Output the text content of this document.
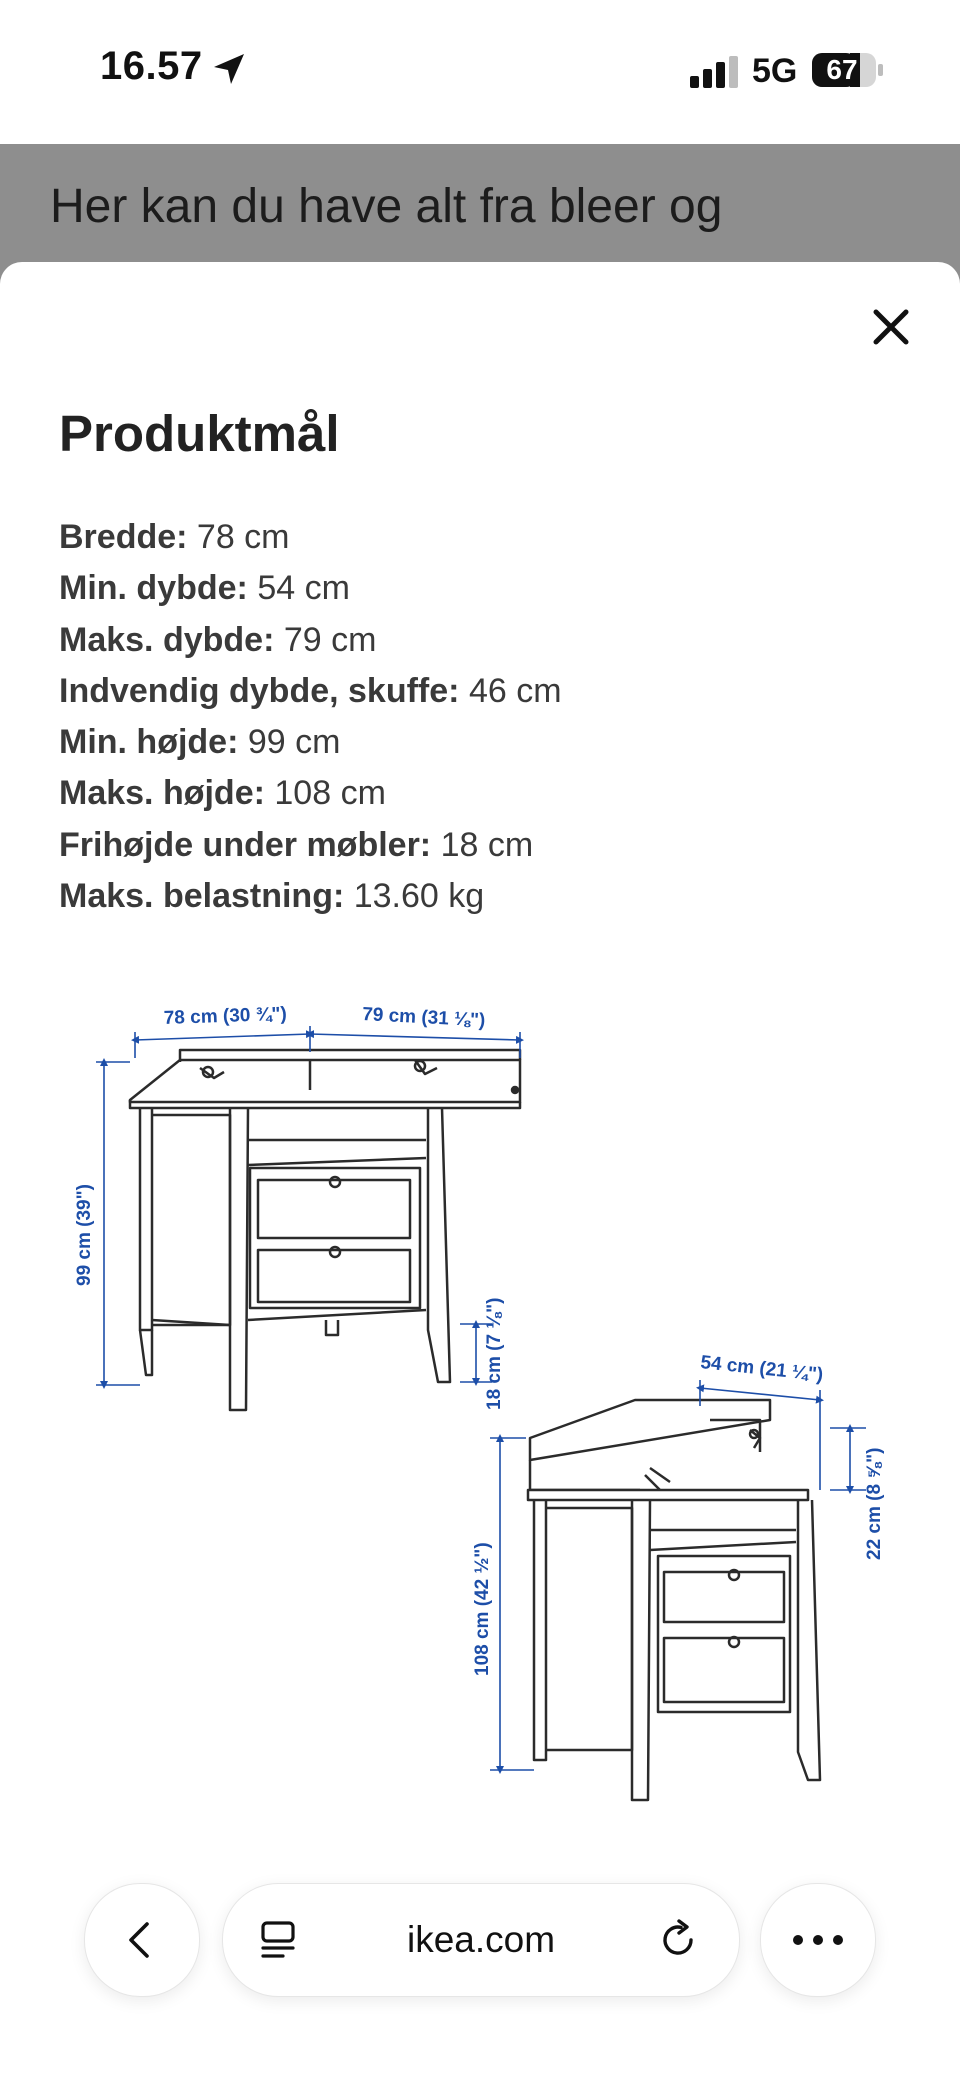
16.57	5G	67
Her kan du have alt fra bleer og
Produktmål
Bredde: 78 cm
Min. dybde: 54 cm
Maks. dybde: 79 cm
Indvendig dybde, skuffe: 46 cm
Min. højde: 99 cm
Maks. højde: 108 cm
Frihøjde under møbler: 18 cm
Maks. belastning: 13.60 kg
78 cm (30 ¾")	79 cm (31 ⅛")
99 cm (39")
18 cm (7 ⅛")	54 cm (21 ¼")
22 cm (8 ⅝")
108 cm (42 ½")
ikea.com
